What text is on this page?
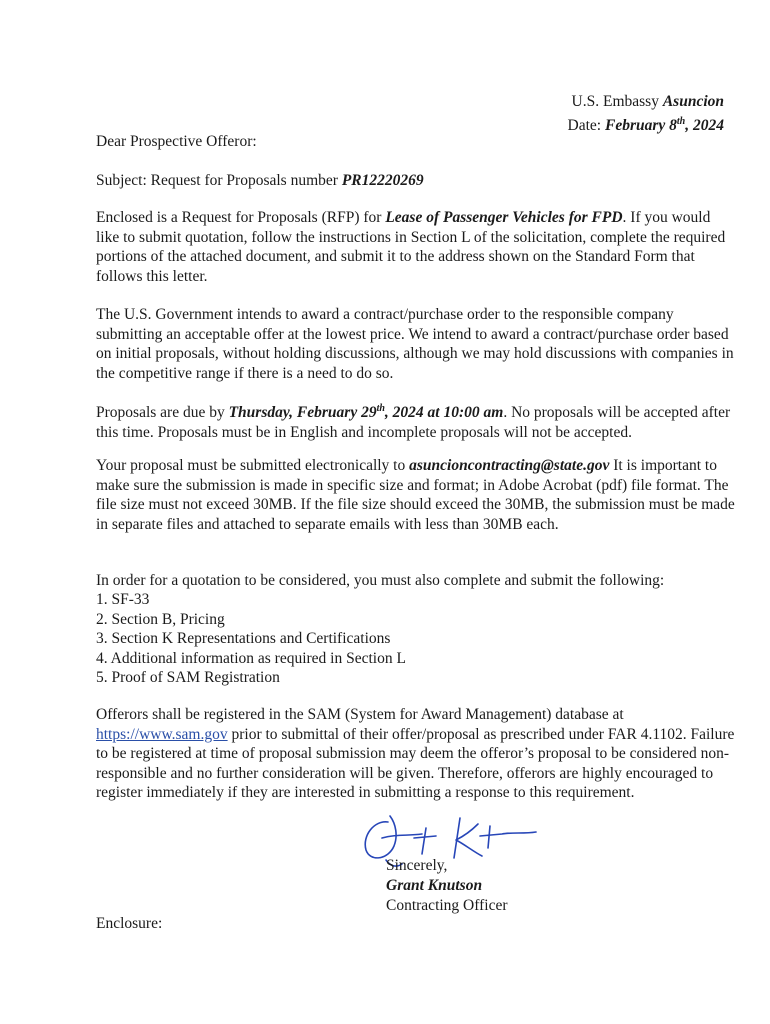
U.S. Embassy Asuncion
Date: February 8th, 2024
Dear Prospective Offeror:
Subject: Request for Proposals number PR12220269
Enclosed is a Request for Proposals (RFP) for Lease of Passenger Vehicles for FPD. If you would like to submit quotation, follow the instructions in Section L of the solicitation, complete the required portions of the attached document, and submit it to the address shown on the Standard Form that follows this letter.
The U.S. Government intends to award a contract/purchase order to the responsible company submitting an acceptable offer at the lowest price. We intend to award a contract/purchase order based on initial proposals, without holding discussions, although we may hold discussions with companies in the competitive range if there is a need to do so.
Proposals are due by Thursday, February 29th, 2024 at 10:00 am. No proposals will be accepted after this time. Proposals must be in English and incomplete proposals will not be accepted.
Your proposal must be submitted electronically to asuncioncontracting@state.gov It is important to make sure the submission is made in specific size and format; in Adobe Acrobat (pdf) file format. The file size must not exceed 30MB. If the file size should exceed the 30MB, the submission must be made in separate files and attached to separate emails with less than 30MB each.
In order for a quotation to be considered, you must also complete and submit the following:
1. SF-33
2. Section B, Pricing
3. Section K Representations and Certifications
4. Additional information as required in Section L
5. Proof of SAM Registration
Offerors shall be registered in the SAM (System for Award Management) database at https://www.sam.gov prior to submittal of their offer/proposal as prescribed under FAR 4.1102. Failure to be registered at time of proposal submission may deem the offeror’s proposal to be considered non-responsible and no further consideration will be given. Therefore, offerors are highly encouraged to register immediately if they are interested in submitting a response to this requirement.
Sincerely,
Grant Knutson
Contracting Officer
Enclosure:
